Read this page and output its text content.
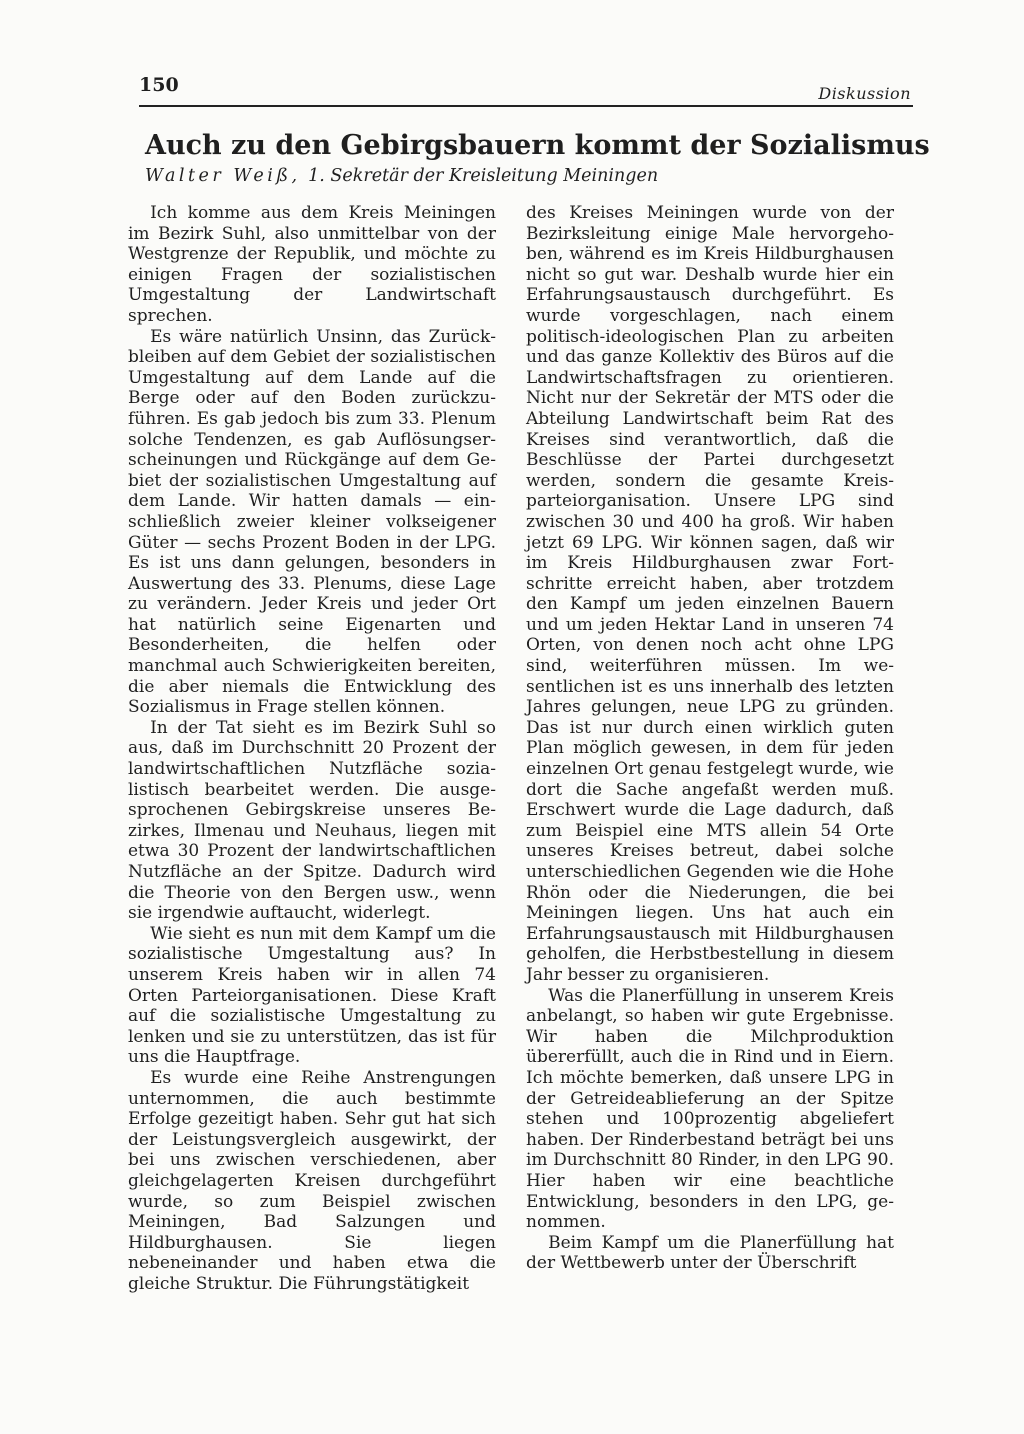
150	Diskussion
Auch zu den Gebirgsbauern kommt der Sozialismus
Walter Weiß, 1. Sekretär der Kreisleitung Meiningen

Ich komme aus dem Kreis Meiningen im Bezirk Suhl, also unmittelbar von der Westgrenze der Republik, und möchte zu einigen Fragen der sozialistischen Umgestaltung der Landwirtschaft sprechen.

Es wäre natürlich Unsinn, das Zurückbleiben auf dem Gebiet der sozialistischen Umgestaltung auf dem Lande auf die Berge oder auf den Boden zurückzuführen. Es gab jedoch bis zum 33. Plenum solche Tendenzen, es gab Auflösungserscheinungen und Rückgänge auf dem Gebiet der sozialistischen Umgestaltung auf dem Lande. Wir hatten damals — einschließlich zweier kleiner volkseigener Güter — sechs Prozent Boden in der LPG. Es ist uns dann gelungen, besonders in Auswertung des 33. Plenums, diese Lage zu verändern. Jeder Kreis und jeder Ort hat natürlich seine Eigenarten und Besonderheiten, die helfen oder manchmal auch Schwierigkeiten bereiten, die aber niemals die Entwicklung des Sozialismus in Frage stellen können.

In der Tat sieht es im Bezirk Suhl so aus, daß im Durchschnitt 20 Prozent der landwirtschaftlichen Nutzfläche sozialistisch bearbeitet werden. Die ausgesprochenen Gebirgskreise unseres Bezirkes, Ilmenau und Neuhaus, liegen mit etwa 30 Prozent der landwirtschaftlichen Nutzfläche an der Spitze. Dadurch wird die Theorie von den Bergen usw., wenn sie irgendwie auftaucht, widerlegt.

Wie sieht es nun mit dem Kampf um die sozialistische Umgestaltung aus? In unserem Kreis haben wir in allen 74 Orten Parteiorganisationen. Diese Kraft auf die sozialistische Umgestaltung zu lenken und sie zu unterstützen, das ist für uns die Hauptfrage.

Es wurde eine Reihe Anstrengungen unternommen, die auch bestimmte Erfolge gezeitigt haben. Sehr gut hat sich der Leistungsvergleich ausgewirkt, der bei uns zwischen verschiedenen, aber gleichgelagerten Kreisen durchgeführt wurde, so zum Beispiel zwischen Meiningen, Bad Salzungen und Hildburghausen. Sie liegen nebeneinander und haben etwa die gleiche Struktur. Die Führungstätigkeit

des Kreises Meiningen wurde von der Bezirksleitung einige Male hervorgehoben, während es im Kreis Hildburghausen nicht so gut war. Deshalb wurde hier ein Erfahrungsaustausch durchgeführt. Es wurde vorgeschlagen, nach einem politisch-ideologischen Plan zu arbeiten und das ganze Kollektiv des Büros auf die Landwirtschaftsfragen zu orientieren. Nicht nur der Sekretär der MTS oder die Abteilung Landwirtschaft beim Rat des Kreises sind verantwortlich, daß die Beschlüsse der Partei durchgesetzt werden, sondern die gesamte Kreisparteiorganisation. Unsere LPG sind zwischen 30 und 400 ha groß. Wir haben jetzt 69 LPG. Wir können sagen, daß wir im Kreis Hildburghausen zwar Fortschritte erreicht haben, aber trotzdem den Kampf um jeden einzelnen Bauern und um jeden Hektar Land in unseren 74 Orten, von denen noch acht ohne LPG sind, weiterführen müssen. Im wesentlichen ist es uns innerhalb des letzten Jahres gelungen, neue LPG zu gründen. Das ist nur durch einen wirklich guten Plan möglich gewesen, in dem für jeden einzelnen Ort genau festgelegt wurde, wie dort die Sache angefaßt werden muß. Erschwert wurde die Lage dadurch, daß zum Beispiel eine MTS allein 54 Orte unseres Kreises betreut, dabei solche unterschiedlichen Gegenden wie die Hohe Rhön oder die Niederungen, die bei Meiningen liegen. Uns hat auch ein Erfahrungsaustausch mit Hildburghausen geholfen, die Herbstbestellung in diesem Jahr besser zu organisieren.

Was die Planerfüllung in unserem Kreis anbelangt, so haben wir gute Ergebnisse. Wir haben die Milchproduktion übererfüllt, auch die in Rind und in Eiern. Ich möchte bemerken, daß unsere LPG in der Getreideablieferung an der Spitze stehen und 100prozentig abgeliefert haben. Der Rinderbestand beträgt bei uns im Durchschnitt 80 Rinder, in den LPG 90. Hier haben wir eine beachtliche Entwicklung, besonders in den LPG, genommen.

Beim Kampf um die Planerfüllung hat der Wettbewerb unter der Überschrift
